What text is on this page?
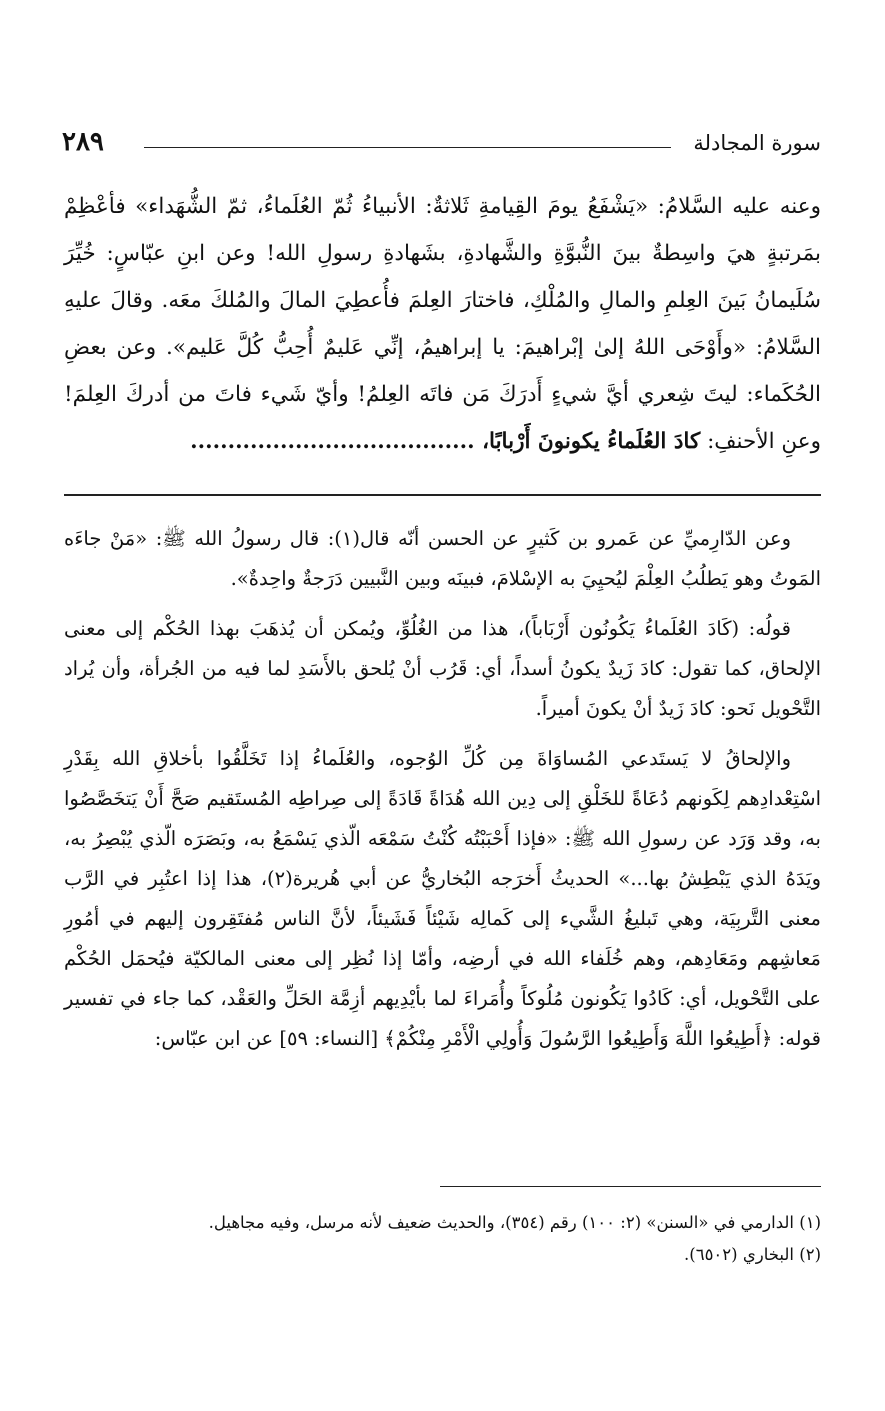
سورة المجادلة
٢٨٩

وعنه عليه السَّلامُ: «يَشْفَعُ يومَ القِيامةِ ثَلاثةٌ: الأنبياءُ ثُمّ العُلَماءُ، ثمّ الشُّهَداء» فأعْظِمْ بمَرتبةٍ هيَ واسِطةٌ بينَ النُّبوَّةِ والشَّهادةِ، بشَهادةِ رسولِ الله! وعن ابنِ عبّاسٍ: خُيِّرَ سُلَيمانُ بَينَ العِلمِ والمالِ والمُلْكِ، فاختارَ العِلمَ فأُعطِيَ المالَ والمُلكَ معَه. وقالَ عليهِ السَّلامُ: «وأَوْحَى اللهُ إلىٰ إبْراهيمَ: يا إبراهيمُ، إنِّي عَليمٌ أُحِبُّ كُلَّ عَليم». وعن بعضِ الحُكَماء: ليتَ شِعري أيَّ شيءٍ أَدرَكَ مَن فاتَه العِلمُ! وأيّ شَيء فاتَ من أدركَ العِلمَ! وعنِ الأحنفِ: كادَ العُلَماءُ يكونونَ أَرْبابًا، ......................................

وعن الدّارِميِّ عن عَمرو بن كَثيرٍ عن الحسن أنّه قال(١): قال رسولُ الله ﷺ: «مَنْ جاءَه المَوتُ وهو يَطلُبُ العِلْمَ ليُحيِيَ به الإسْلامَ، فبينَه وبين النَّبيين دَرَجةٌ واحِدةٌ».

قولُه: (كَادَ العُلَماءُ يَكُونُون أَرْبَاباً)، هذا من الغُلُوِّ، ويُمكن أن يُذهَبَ بهذا الحُكْم إلى معنى الإلحاق، كما تقول: كادَ زَيدٌ يكونُ أسداً، أي: قَرُب أنْ يُلحق بالأَسَدِ لما فيه من الجُرأة، وأن يُراد التَّحْويل نَحو: كادَ زَيدٌ أنْ يكونَ أميراً.

والإلحاقُ لا يَستَدعي المُساوَاةَ مِن كُلِّ الوُجوه، والعُلَماءُ إذا تَخَلَّقُوا بأخلاقِ الله بِقَدْرِ اسْتِعْدادِهم لِكَونهم دُعَاةً للخَلْقِ إلى دِين الله هُدَاةً قَادَةً إلى صِراطِه المُستَقيم صَحَّ أَنْ يَتخَصَّصُوا به، وقد وَرَد عن رسولِ الله ﷺ: «فإذا أَحْبَبْتُه كُنْتُ سَمْعَه الّذي يَسْمَعُ به، وبَصَرَه الّذي يُبْصِرُ به، ويَدَهُ الذي يَبْطِشُ بها...» الحديثُ أَخرَجه البُخاريُّ عن أبي هُريرة(٢)، هذا إذا اعتُبِر في الرَّب معنى التَّربِيَة، وهي تَبليغُ الشَّيء إلى كَمالِه شَيْئاً فَشَيئاً، لأنَّ الناس مُفتَقِرون إليهم في أمُورِ مَعاشِهم ومَعَادِهم، وهم خُلَفاء الله في أرضِه، وأمّا إذا نُظِر إلى معنى المالكيّة فيُحمَل الحُكْم على التَّحْويل، أي: كَادُوا يَكُونون مُلُوكاً وأُمَراءَ لما بأيْدِيهم أزِمَّة الحَلِّ والعَقْد، كما جاء في تفسير قوله: ﴿أَطِيعُوا اللَّهَ وَأَطِيعُوا الرَّسُولَ وَأُولِي الْأَمْرِ مِنْكُمْ﴾ [النساء: ٥٩] عن ابن عبّاس:

(١) الدارمي في «السنن» (٢: ١٠٠) رقم (٣٥٤)، والحديث ضعيف لأنه مرسل، وفيه مجاهيل.

(٢) البخاري (٦٥٠٢).
